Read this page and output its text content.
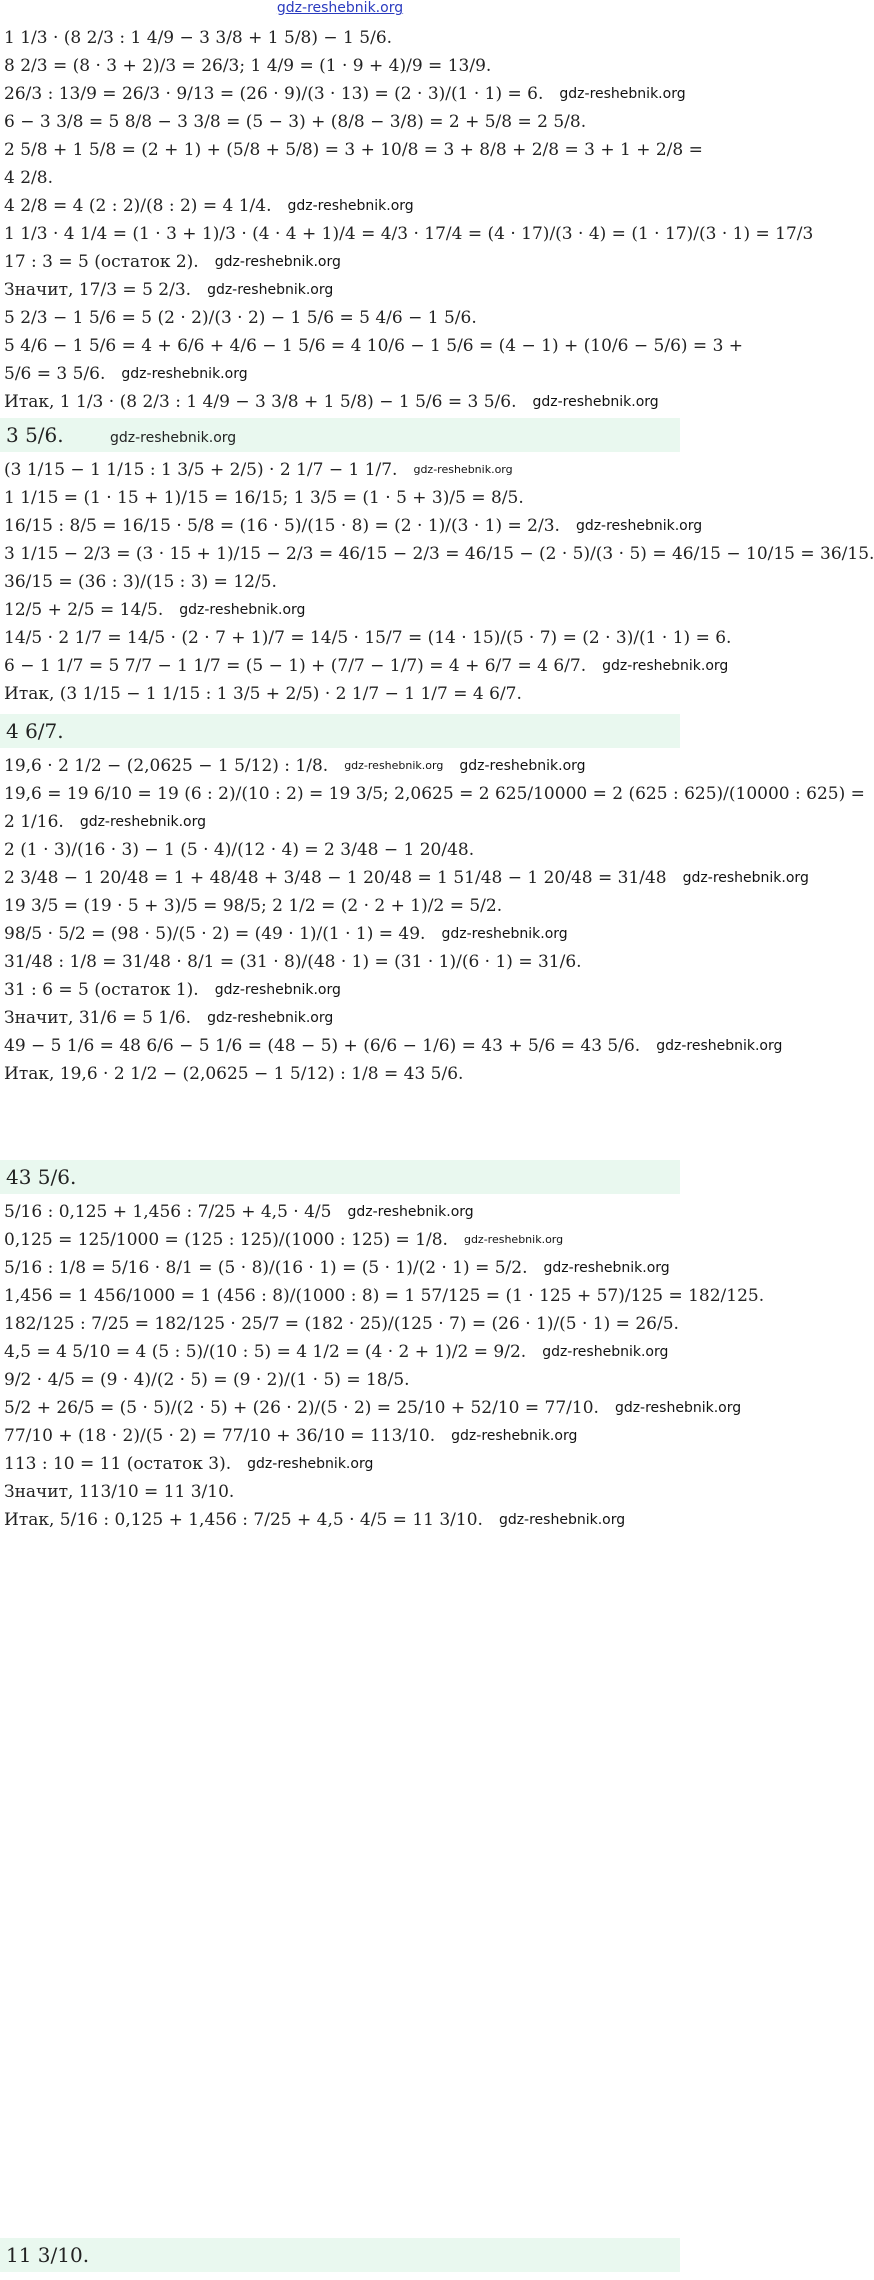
gdz-reshebnik.org
1 1/3 · (8 2/3 : 1 4/9 − 3 3/8 + 1 5/8) − 1 5/6.
8 2/3 = (8 · 3 + 2)/3 = 26/3; 1 4/9 = (1 · 9 + 4)/9 = 13/9.
26/3 : 13/9 = 26/3 · 9/13 = (26 · 9)/(3 · 13) = (2 · 3)/(1 · 1) = 6. gdz-reshebnik.org
6 − 3 3/8 = 5 8/8 − 3 3/8 = (5 − 3) + (8/8 − 3/8) = 2 + 5/8 = 2 5/8.
2 5/8 + 1 5/8 = (2 + 1) + (5/8 + 5/8) = 3 + 10/8 = 3 + 8/8 + 2/8 = 3 + 1 + 2/8 =
4 2/8.
4 2/8 = 4 (2 : 2)/(8 : 2) = 4 1/4. gdz-reshebnik.org
1 1/3 · 4 1/4 = (1 · 3 + 1)/3 · (4 · 4 + 1)/4 = 4/3 · 17/4 = (4 · 17)/(3 · 4) = (1 · 17)/(3 · 1) = 17/3
17 : 3 = 5 (остаток 2). gdz-reshebnik.org
Значит, 17/3 = 5 2/3. gdz-reshebnik.org
5 2/3 − 1 5/6 = 5 (2 · 2)/(3 · 2) − 1 5/6 = 5 4/6 − 1 5/6.
5 4/6 − 1 5/6 = 4 + 6/6 + 4/6 − 1 5/6 = 4 10/6 − 1 5/6 = (4 − 1) + (10/6 − 5/6) = 3 +
5/6 = 3 5/6. gdz-reshebnik.org
Итак, 1 1/3 · (8 2/3 : 1 4/9 − 3 3/8 + 1 5/8) − 1 5/6 = 3 5/6. gdz-reshebnik.org
3 5/6.	gdz-reshebnik.org
(3 1/15 − 1 1/15 : 1 3/5 + 2/5) · 2 1/7 − 1 1/7. gdz-reshebnik.org
1 1/15 = (1 · 15 + 1)/15 = 16/15; 1 3/5 = (1 · 5 + 3)/5 = 8/5.
16/15 : 8/5 = 16/15 · 5/8 = (16 · 5)/(15 · 8) = (2 · 1)/(3 · 1) = 2/3. gdz-reshebnik.org
3 1/15 − 2/3 = (3 · 15 + 1)/15 − 2/3 = 46/15 − 2/3 = 46/15 − (2 · 5)/(3 · 5) = 46/15 − 10/15 = 36/15.
36/15 = (36 : 3)/(15 : 3) = 12/5.
12/5 + 2/5 = 14/5. gdz-reshebnik.org
14/5 · 2 1/7 = 14/5 · (2 · 7 + 1)/7 = 14/5 · 15/7 = (14 · 15)/(5 · 7) = (2 · 3)/(1 · 1) = 6.
6 − 1 1/7 = 5 7/7 − 1 1/7 = (5 − 1) + (7/7 − 1/7) = 4 + 6/7 = 4 6/7. gdz-reshebnik.org
Итак, (3 1/15 − 1 1/15 : 1 3/5 + 2/5) · 2 1/7 − 1 1/7 = 4 6/7.
4 6/7.
19,6 · 2 1/2 − (2,0625 − 1 5/12) : 1/8. gdz-reshebnik.org gdz-reshebnik.org
19,6 = 19 6/10 = 19 (6 : 2)/(10 : 2) = 19 3/5; 2,0625 = 2 625/10000 = 2 (625 : 625)/(10000 : 625) =
2 1/16. gdz-reshebnik.org
2 (1 · 3)/(16 · 3) − 1 (5 · 4)/(12 · 4) = 2 3/48 − 1 20/48.
2 3/48 − 1 20/48 = 1 + 48/48 + 3/48 − 1 20/48 = 1 51/48 − 1 20/48 = 31/48 gdz-reshebnik.org
19 3/5 = (19 · 5 + 3)/5 = 98/5; 2 1/2 = (2 · 2 + 1)/2 = 5/2.
98/5 · 5/2 = (98 · 5)/(5 · 2) = (49 · 1)/(1 · 1) = 49. gdz-reshebnik.org
31/48 : 1/8 = 31/48 · 8/1 = (31 · 8)/(48 · 1) = (31 · 1)/(6 · 1) = 31/6.
31 : 6 = 5 (остаток 1). gdz-reshebnik.org
Значит, 31/6 = 5 1/6. gdz-reshebnik.org
49 − 5 1/6 = 48 6/6 − 5 1/6 = (48 − 5) + (6/6 − 1/6) = 43 + 5/6 = 43 5/6. gdz-reshebnik.org
Итак, 19,6 · 2 1/2 − (2,0625 − 1 5/12) : 1/8 = 43 5/6.
43 5/6.
5/16 : 0,125 + 1,456 : 7/25 + 4,5 · 4/5 gdz-reshebnik.org
0,125 = 125/1000 = (125 : 125)/(1000 : 125) = 1/8. gdz-reshebnik.org
5/16 : 1/8 = 5/16 · 8/1 = (5 · 8)/(16 · 1) = (5 · 1)/(2 · 1) = 5/2. gdz-reshebnik.org
1,456 = 1 456/1000 = 1 (456 : 8)/(1000 : 8) = 1 57/125 = (1 · 125 + 57)/125 = 182/125.
182/125 : 7/25 = 182/125 · 25/7 = (182 · 25)/(125 · 7) = (26 · 1)/(5 · 1) = 26/5.
4,5 = 4 5/10 = 4 (5 : 5)/(10 : 5) = 4 1/2 = (4 · 2 + 1)/2 = 9/2. gdz-reshebnik.org
9/2 · 4/5 = (9 · 4)/(2 · 5) = (9 · 2)/(1 · 5) = 18/5.
5/2 + 26/5 = (5 · 5)/(2 · 5) + (26 · 2)/(5 · 2) = 25/10 + 52/10 = 77/10. gdz-reshebnik.org
77/10 + (18 · 2)/(5 · 2) = 77/10 + 36/10 = 113/10. gdz-reshebnik.org
113 : 10 = 11 (остаток 3). gdz-reshebnik.org
Значит, 113/10 = 11 3/10.
Итак, 5/16 : 0,125 + 1,456 : 7/25 + 4,5 · 4/5 = 11 3/10. gdz-reshebnik.org
11 3/10.
